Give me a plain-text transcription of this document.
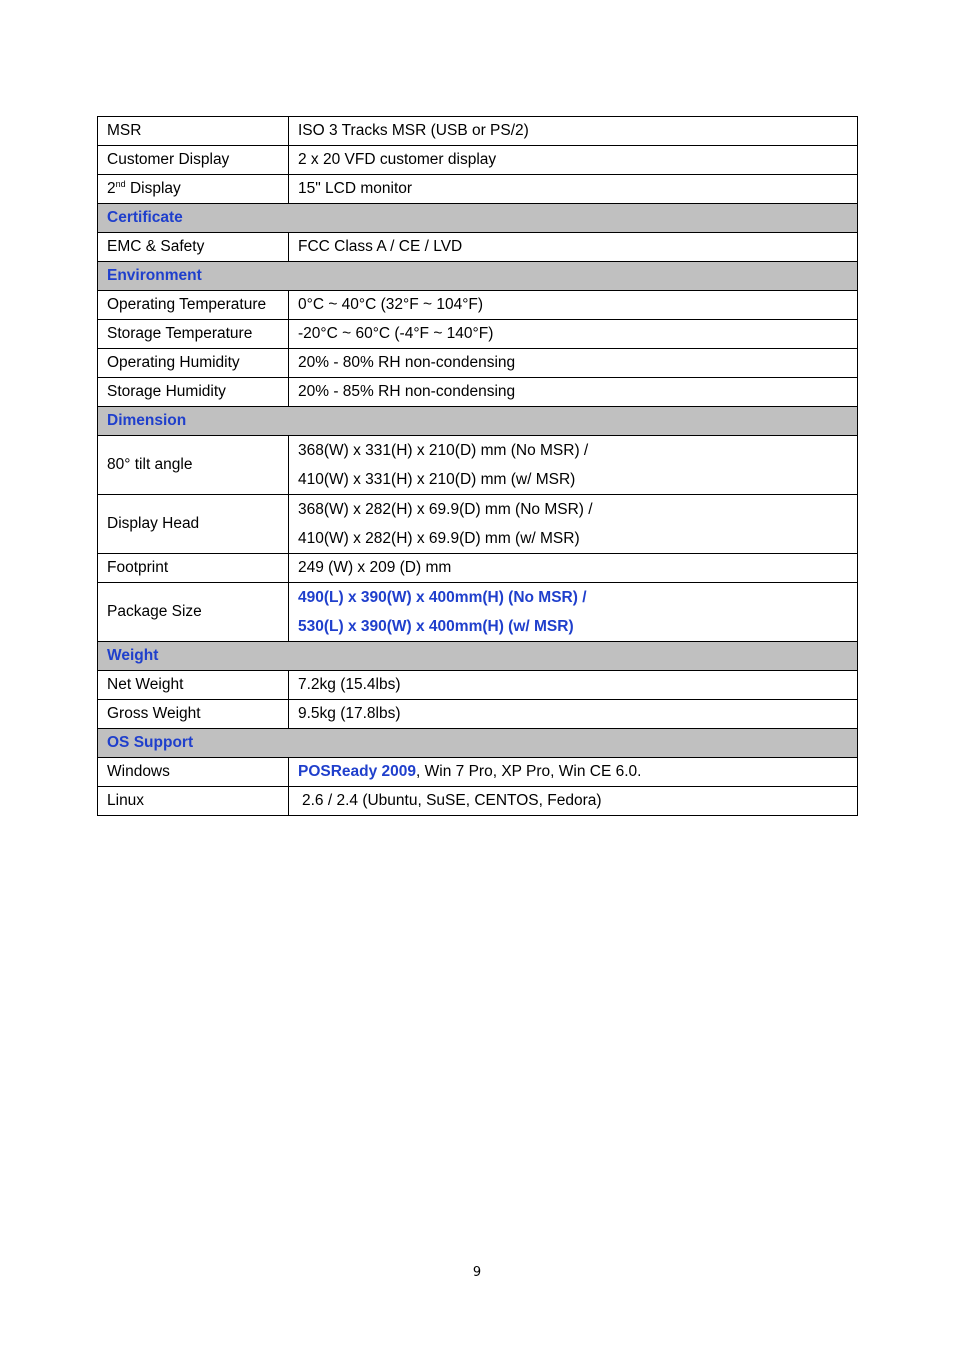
MSR	ISO 3 Tracks MSR (USB or PS/2)
Customer Display	2 x 20 VFD customer display
2nd Display	15" LCD monitor
Certificate	
EMC & Safety	FCC Class A / CE / LVD
Environment	
Operating Temperature	0°C ~ 40°C (32°F ~ 104°F)
Storage Temperature	-20°C ~ 60°C (-4°F ~ 140°F)
Operating Humidity	20% - 80% RH non-condensing
Storage Humidity	20% - 85% RH non-condensing
Dimension	
80° tilt angle	368(W) x 331(H) x 210(D) mm (No MSR) /
410(W) x 331(H) x 210(D) mm (w/ MSR)

Display Head	368(W) x 282(H) x 69.9(D) mm (No MSR) /
410(W) x 282(H) x 69.9(D) mm (w/ MSR)

Footprint	249 (W) x 209 (D) mm
Package Size	490(L) x 390(W) x 400mm(H) (No MSR) /
530(L) x 390(W) x 400mm(H) (w/ MSR)

Weight	
Net Weight	7.2kg (15.4lbs)
Gross Weight	9.5kg (17.8lbs)
OS Support	
Windows	POSReady 2009, Win 7 Pro, XP Pro, Win CE 6.0.
Linux	2.6 / 2.4 (Ubuntu, SuSE, CENTOS, Fedora)
9
